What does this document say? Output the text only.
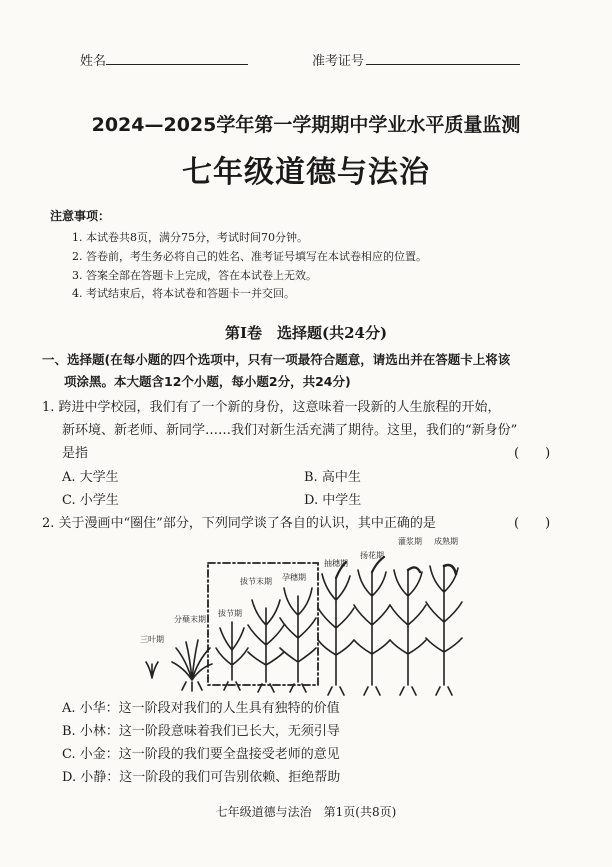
姓名	准考证号
2024—2025学年第一学期期中学业水平质量监测
七年级道德与法治
注意事项：
1. 本试卷共8页，满分75分，考试时间70分钟。
2. 答卷前，考生务必将自己的姓名、准考证号填写在本试卷相应的位置。
3. 答案全部在答题卡上完成，答在本试卷上无效。
4. 考试结束后，将本试卷和答题卡一并交回。
第Ⅰ卷　选择题(共24分)
一、选择题(在每小题的四个选项中，只有一项最符合题意，请选出并在答题卡上将该
项涂黑。本大题含12个小题，每小题2分，共24分)
1. 跨进中学校园，我们有了一个新的身份，这意味着一段新的人生旅程的开始，
新环境、新老师、新同学……我们对新生活充满了期待。这里，我们的“新身份”
是指	(　　)
A. 大学生	B. 高中生
C. 小学生	D. 中学生
2. 关于漫画中“圈住”部分，下列同学谈了各自的认识，其中正确的是	(　　)
三叶期
分蘖末期
拔节期
拔节末期 孕穗期
抽穗期
扬花期
灌浆期 成熟期
A. 小华：这一阶段对我们的人生具有独特的价值
B. 小林：这一阶段意味着我们已长大，无须引导
C. 小金：这一阶段的我们要全盘接受老师的意见
D. 小静：这一阶段的我们可告别依赖、拒绝帮助
七年级道德与法治　第1页(共8页)
